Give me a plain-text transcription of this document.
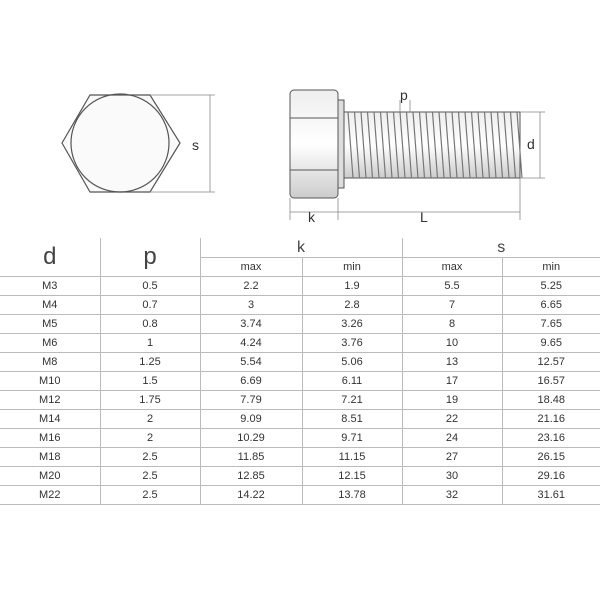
s
p
d
k	L
d	p	k		s	
		max	min	max	min
M3	0.5	2.2	1.9	5.5	5.25
M4	0.7	3	2.8	7	6.65
M5	0.8	3.74	3.26	8	7.65
M6	1	4.24	3.76	10	9.65
M8	1.25	5.54	5.06	13	12.57
M10	1.5	6.69	6.11	17	16.57
M12	1.75	7.79	7.21	19	18.48
M14	2	9.09	8.51	22	21.16
M16	2	10.29	9.71	24	23.16
M18	2.5	11.85	11.15	27	26.15
M20	2.5	12.85	12.15	30	29.16
M22	2.5	14.22	13.78	32	31.61
